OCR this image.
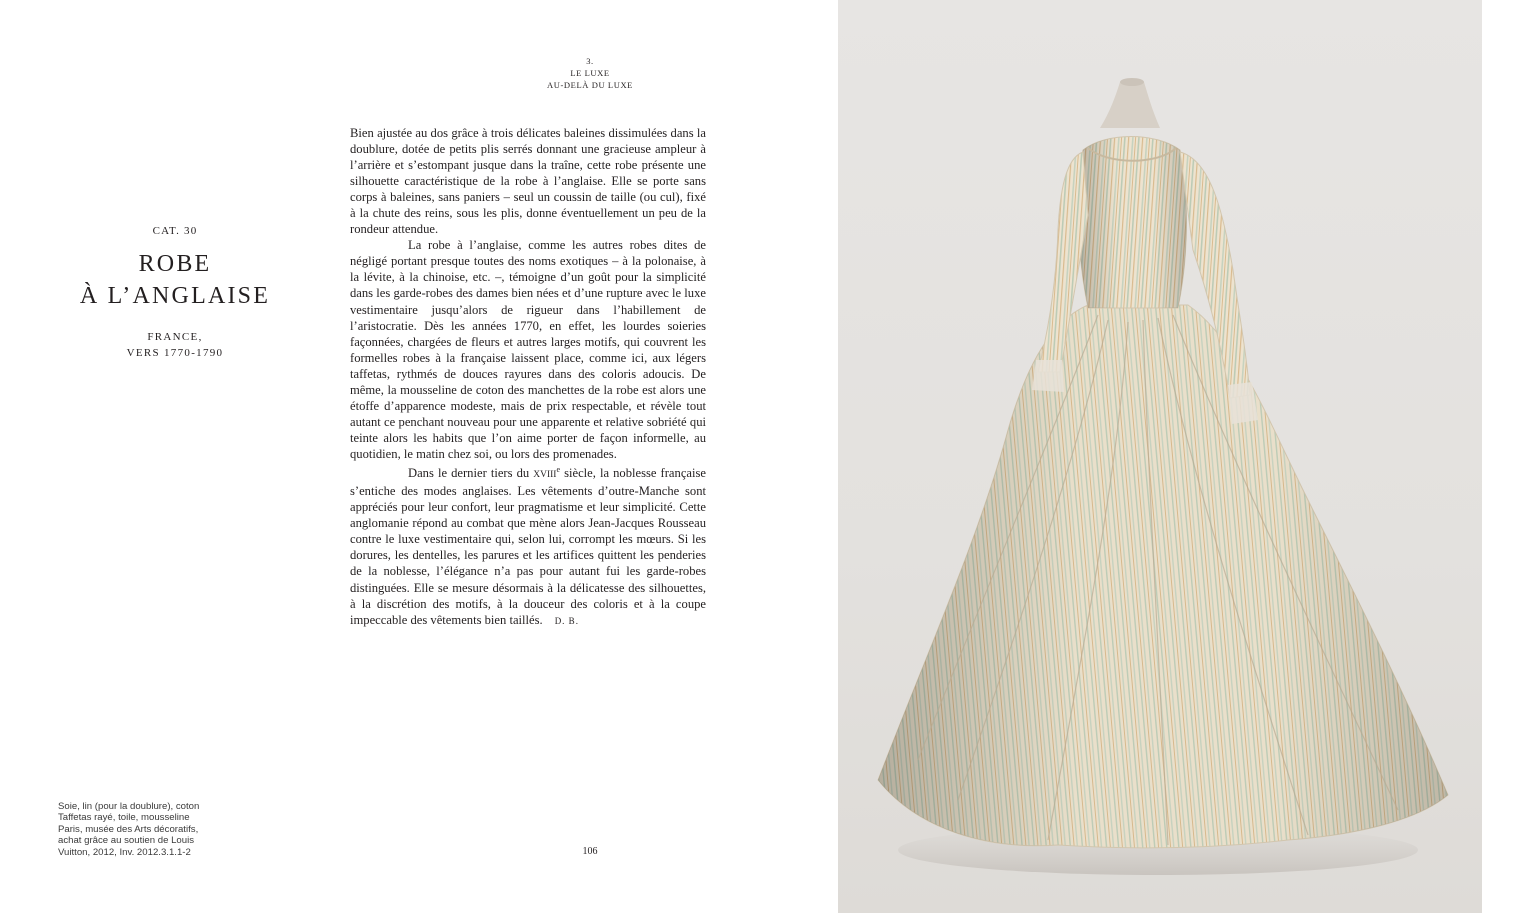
3.
LE LUXE
AU-DELÀ DU LUXE
CAT. 30
ROBE
À L’ANGLAISE
FRANCE,
VERS 1770-1790

Bien ajustée au dos grâce à trois délicates baleines dissimulées dans la doublure, dotée de petits plis serrés donnant une gracieuse ampleur à l’arrière et s’estompant jusque dans la traîne, cette robe présente une silhouette caractéristique de la robe à l’anglaise. Elle se porte sans corps à baleines, sans paniers – seul un coussin de taille (ou cul), fixé à la chute des reins, sous les plis, donne éventuellement un peu de la rondeur attendue.

La robe à l’anglaise, comme les autres robes dites de négligé portant presque toutes des noms exotiques – à la polonaise, à la lévite, à la chinoise, etc. –, témoigne d’un goût pour la simplicité dans les garde-robes des dames bien nées et d’une rupture avec le luxe vestimentaire jusqu’alors de rigueur dans l’habillement de l’aristocratie. Dès les années 1770, en effet, les lourdes soieries façonnées, chargées de fleurs et autres larges motifs, qui couvrent les formelles robes à la française laissent place, comme ici, aux légers taffetas, rythmés de douces rayures dans des coloris adoucis. De même, la mousseline de coton des manchettes de la robe est alors une étoffe d’apparence modeste, mais de prix respectable, et révèle tout autant ce penchant nouveau pour une apparente et relative sobriété qui teinte alors les habits que l’on aime porter de façon informelle, au quotidien, le matin chez soi, ou lors des promenades.

Dans le dernier tiers du XVIIIe siècle, la noblesse française s’entiche des modes anglaises. Les vêtements d’outre-Manche sont appréciés pour leur confort, leur pragmatisme et leur simplicité. Cette anglomanie répond au combat que mène alors Jean-Jacques Rousseau contre le luxe vestimentaire qui, selon lui, corrompt les mœurs. Si les dorures, les dentelles, les parures et les artifices quittent les penderies de la noblesse, l’élégance n’a pas pour autant fui les garde-robes distinguées. Elle se mesure désormais à la délicatesse des silhouettes, à la discrétion des motifs, à la douceur des coloris et à la coupe impeccable des vêtements bien taillés. D. B.

Soie, lin (pour la doublure), coton
Taffetas rayé, toile, mousseline
Paris, musée des Arts décoratifs,
achat grâce au soutien de Louis
Vuitton, 2012, Inv. 2012.3.1.1-2	106
